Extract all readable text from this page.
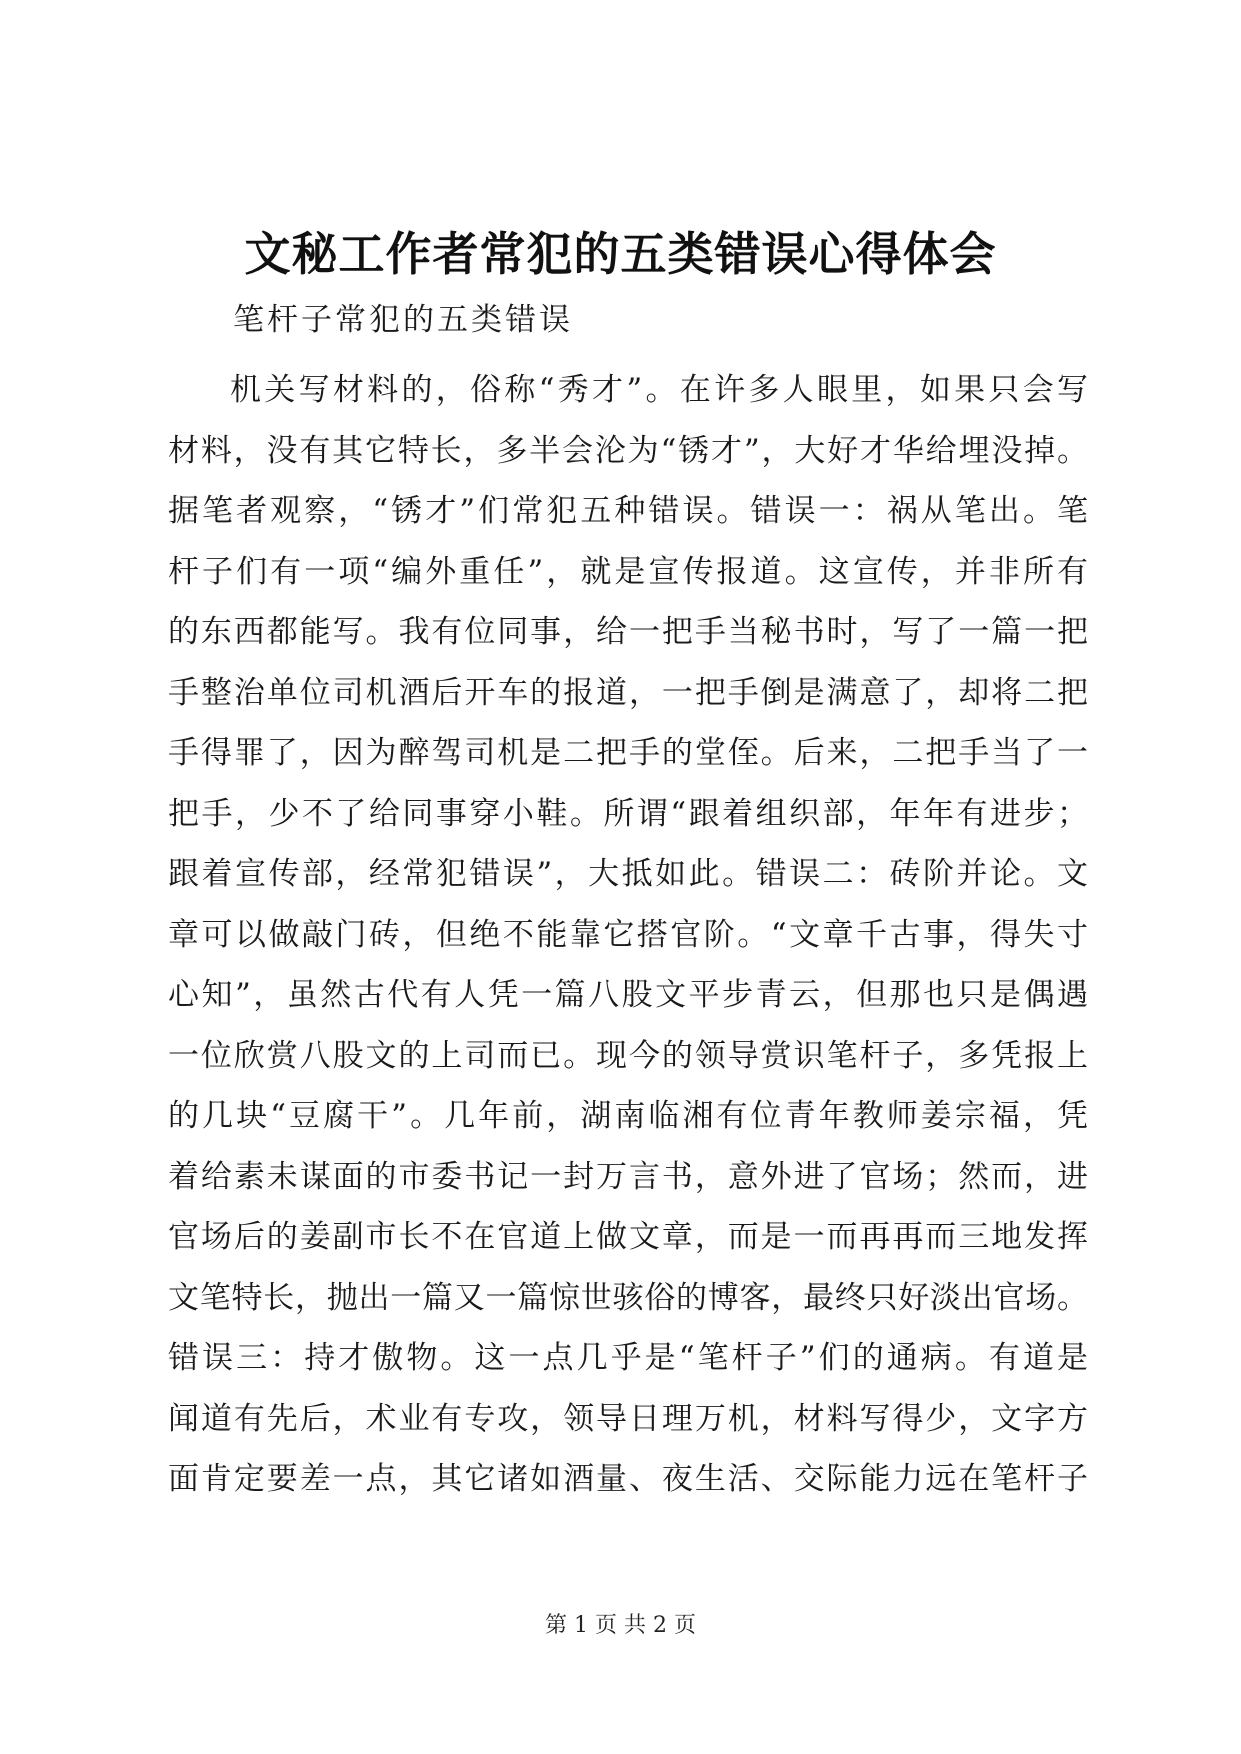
文秘工作者常犯的五类错误心得体会

笔杆子常犯的五类错误

机关写材料的，俗称“秀才”。在许多人眼里，如果只会写
材料，没有其它特长，多半会沦为“锈才”，大好才华给埋没掉。
据笔者观察，“锈才”们常犯五种错误。错误一：祸从笔出。笔
杆子们有一项“编外重任”，就是宣传报道。这宣传，并非所有
的东西都能写。我有位同事，给一把手当秘书时，写了一篇一把
手整治单位司机酒后开车的报道，一把手倒是满意了，却将二把
手得罪了，因为醉驾司机是二把手的堂侄。后来，二把手当了一
把手，少不了给同事穿小鞋。所谓“跟着组织部，年年有进步；
跟着宣传部，经常犯错误”，大抵如此。错误二：砖阶并论。文
章可以做敲门砖，但绝不能靠它搭官阶。“文章千古事，得失寸
心知”，虽然古代有人凭一篇八股文平步青云，但那也只是偶遇
一位欣赏八股文的上司而已。现今的领导赏识笔杆子，多凭报上
的几块“豆腐干”。几年前，湖南临湘有位青年教师姜宗福，凭
着给素未谋面的市委书记一封万言书，意外进了官场；然而，进
官场后的姜副市长不在官道上做文章，而是一而再再而三地发挥
文笔特长，抛出一篇又一篇惊世骇俗的博客，最终只好淡出官场。
错误三：持才傲物。这一点几乎是“笔杆子”们的通病。有道是
闻道有先后，术业有专攻，领导日理万机，材料写得少，文字方
面肯定要差一点，其它诸如酒量、夜生活、交际能力远在笔杆子
第 1 页 共 2 页
